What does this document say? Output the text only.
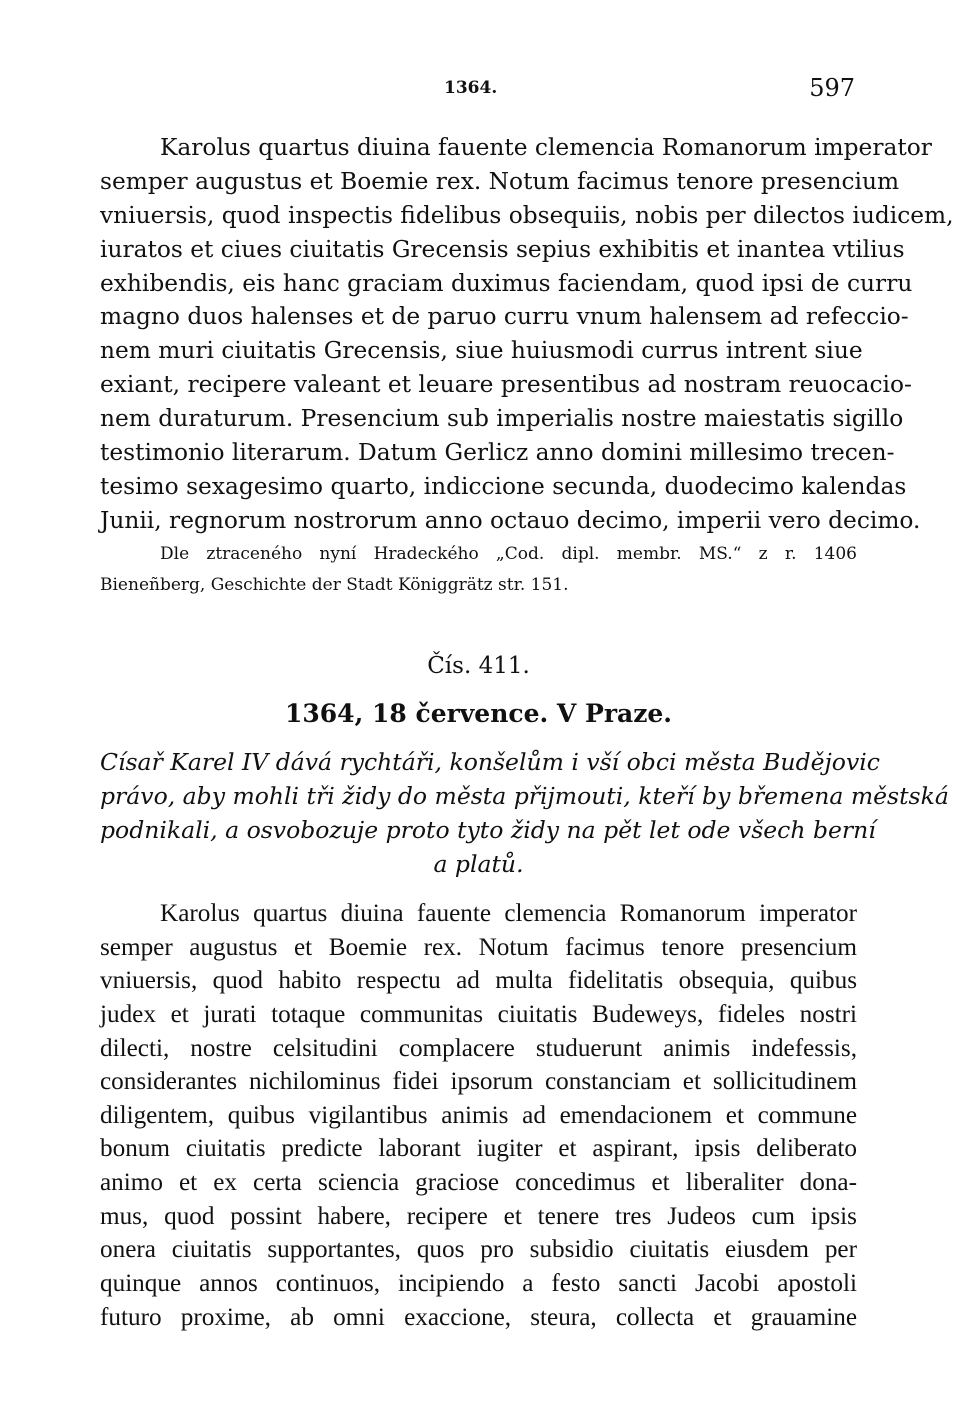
1364.	597
Karolus quartus diuina fauente clemencia Romanorum imperator
semper augustus et Boemie rex. Notum facimus tenore presencium
vniuersis, quod inspectis fidelibus obsequiis, nobis per dilectos iudicem,
iuratos et ciues ciuitatis Grecensis sepius exhibitis et inantea vtilius
exhibendis, eis hanc graciam duximus faciendam, quod ipsi de curru
magno duos halenses et de paruo curru vnum halensem ad refeccio-
nem muri ciuitatis Grecensis, siue huiusmodi currus intrent siue
exiant, recipere valeant et leuare presentibus ad nostram reuocacio-
nem duraturum. Presencium sub imperialis nostre maiestatis sigillo
testimonio literarum. Datum Gerlicz anno domini millesimo trecen-
tesimo sexagesimo quarto, indiccione secunda, duodecimo kalendas
Junii, regnorum nostrorum anno octauo decimo, imperii vero decimo.
Dle ztraceného nyní Hradeckého „Cod. dipl. membr. MS.“ z r. 1406
Bieneñberg, Geschichte der Stadt Königgrätz str. 151.
Čís. 411.
1364, 18 července. V Praze.
Císař Karel IV dává rychtáři, konšelům i vší obci města Budějovic
právo, aby mohli tři židy do města přijmouti, kteří by břemena městská
podnikali, a osvobozuje proto tyto židy na pět let ode všech berní
a platů.
Karolus quartus diuina fauente clemencia Romanorum imperator
semper augustus et Boemie rex. Notum facimus tenore presencium
vniuersis, quod habito respectu ad multa fidelitatis obsequia, quibus
judex et jurati totaque communitas ciuitatis Budeweys, fideles nostri
dilecti, nostre celsitudini complacere studuerunt animis indefessis,
considerantes nichilominus fidei ipsorum constanciam et sollicitudinem
diligentem, quibus vigilantibus animis ad emendacionem et commune
bonum ciuitatis predicte laborant iugiter et aspirant, ipsis deliberato
animo et ex certa sciencia graciose concedimus et liberaliter dona-
mus, quod possint habere, recipere et tenere tres Judeos cum ipsis
onera ciuitatis supportantes, quos pro subsidio ciuitatis eiusdem per
quinque annos continuos, incipiendo a festo sancti Jacobi apostoli
futuro proxime, ab omni exaccione, steura, collecta et grauamine
